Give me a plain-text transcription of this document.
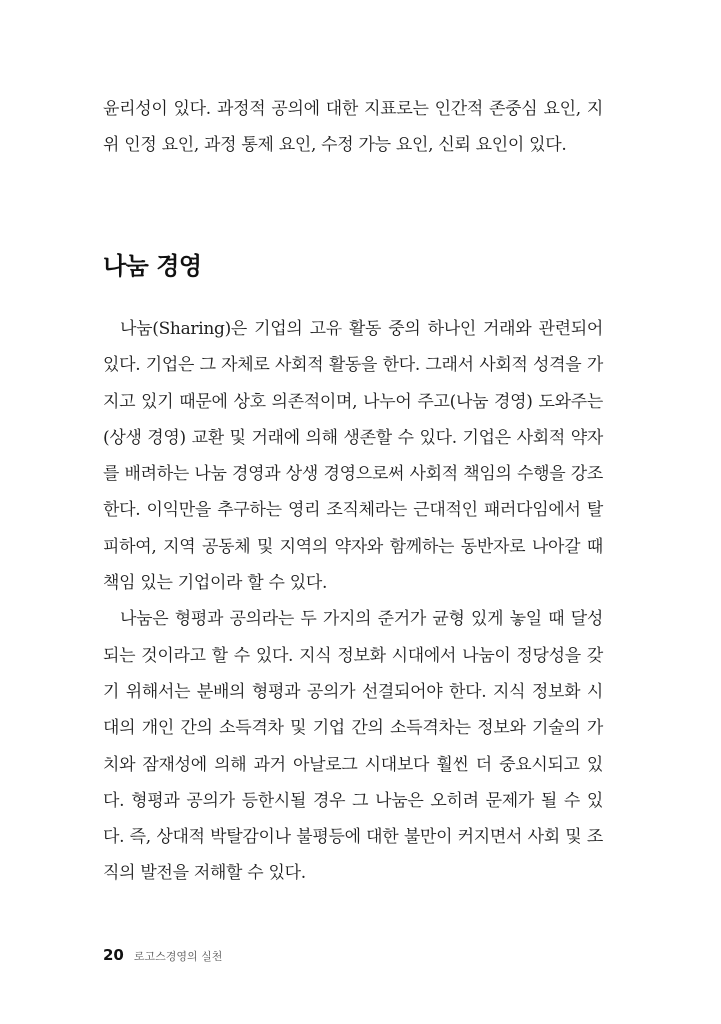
윤리성이 있다. 과정적 공의에 대한 지표로는 인간적 존중심 요인, 지위 인정 요인, 과정 통제 요인, 수정 가능 요인, 신뢰 요인이 있다.

나눔 경영

나눔(Sharing)은 기업의 고유 활동 중의 하나인 거래와 관련되어 있다. 기업은 그 자체로 사회적 활동을 한다. 그래서 사회적 성격을 가지고 있기 때문에 상호 의존적이며, 나누어 주고(나눔 경영) 도와주는 (상생 경영) 교환 및 거래에 의해 생존할 수 있다. 기업은 사회적 약자를 배려하는 나눔 경영과 상생 경영으로써 사회적 책임의 수행을 강조한다. 이익만을 추구하는 영리 조직체라는 근대적인 패러다임에서 탈피하여, 지역 공동체 및 지역의 약자와 함께하는 동반자로 나아갈 때 책임 있는 기업이라 할 수 있다.

나눔은 형평과 공의라는 두 가지의 준거가 균형 있게 놓일 때 달성되는 것이라고 할 수 있다. 지식 정보화 시대에서 나눔이 정당성을 갖기 위해서는 분배의 형평과 공의가 선결되어야 한다. 지식 정보화 시대의 개인 간의 소득격차 및 기업 간의 소득격차는 정보와 기술의 가치와 잠재성에 의해 과거 아날로그 시대보다 훨씬 더 중요시되고 있다. 형평과 공의가 등한시될 경우 그 나눔은 오히려 문제가 될 수 있다. 즉, 상대적 박탈감이나 불평등에 대한 불만이 커지면서 사회 및 조직의 발전을 저해할 수 있다.

20 로고스경영의 실천
